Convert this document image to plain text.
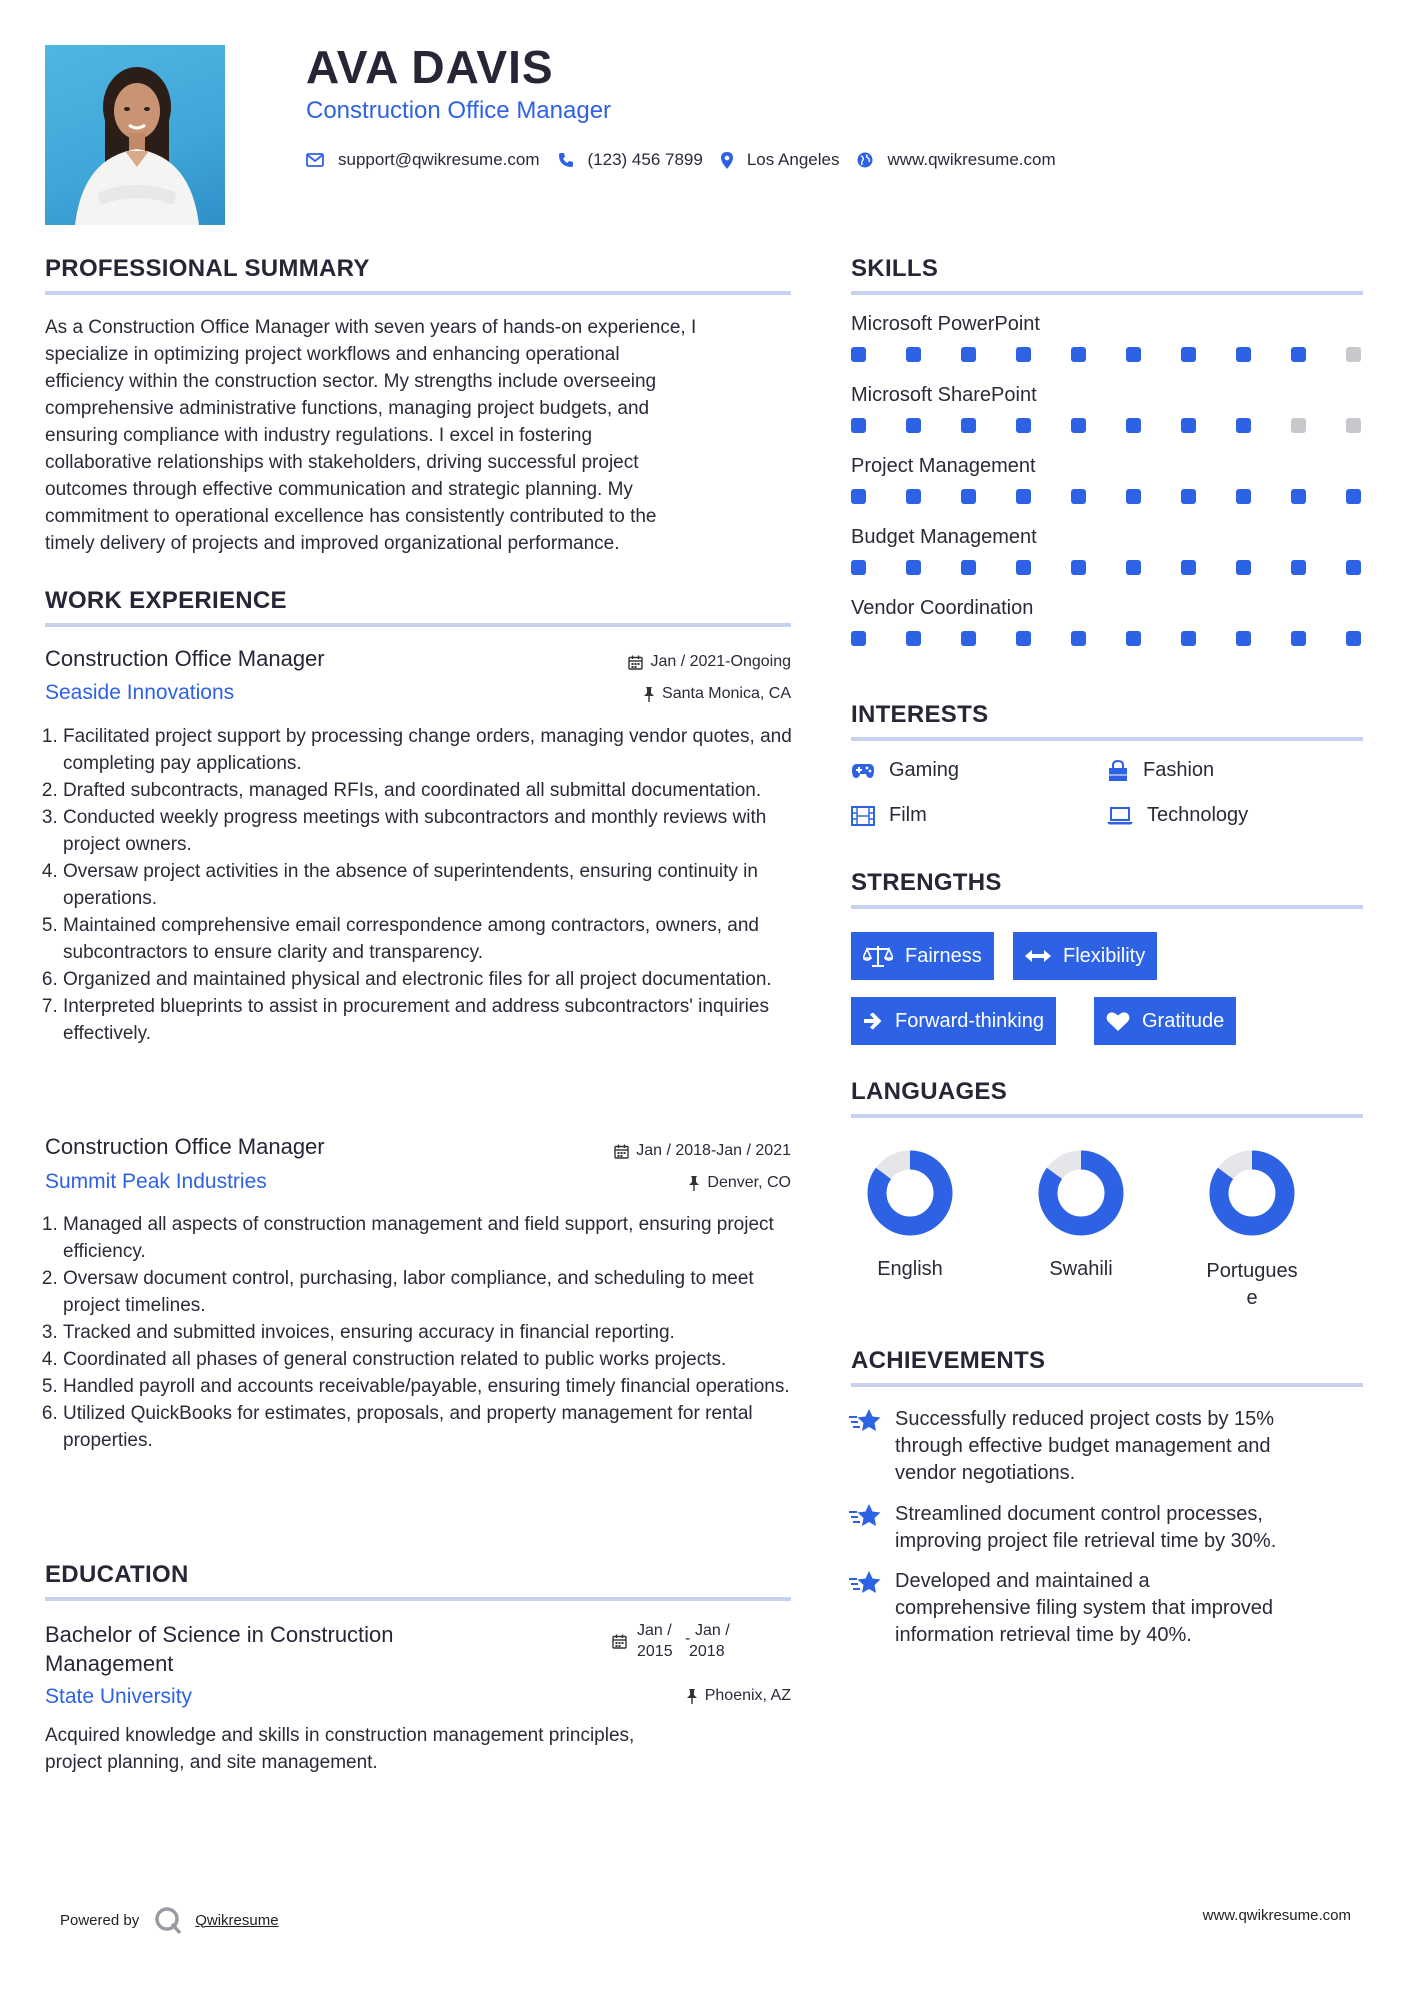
AVA DAVIS
Construction Office Manager
support@qwikresume.com	(123) 456 7899	Los Angeles	www.qwikresume.com
PROFESSIONAL SUMMARY
As a Construction Office Manager with seven years of hands-on experience, I
specialize in optimizing project workflows and enhancing operational
efficiency within the construction sector. My strengths include overseeing
comprehensive administrative functions, managing project budgets, and
ensuring compliance with industry regulations. I excel in fostering
collaborative relationships with stakeholders, driving successful project
outcomes through effective communication and strategic planning. My
commitment to operational excellence has consistently contributed to the
timely delivery of projects and improved organizational performance.
WORK EXPERIENCE
Construction Office Manager	Jan / 2021-Ongoing
Seaside Innovations	Santa Monica, CA
1. Facilitated project support by processing change orders, managing vendor quotes, and completing pay applications.
2. Drafted subcontracts, managed RFIs, and coordinated all submittal documentation.
3. Conducted weekly progress meetings with subcontractors and monthly reviews with project owners.
4. Oversaw project activities in the absence of superintendents, ensuring continuity in operations.
5. Maintained comprehensive email correspondence among contractors, owners, and subcontractors to ensure clarity and transparency.
6. Organized and maintained physical and electronic files for all project documentation.
7. Interpreted blueprints to assist in procurement and address subcontractors' inquiries effectively.
Construction Office Manager	Jan / 2018-Jan / 2021
Summit Peak Industries	Denver, CO
1. Managed all aspects of construction management and field support, ensuring project efficiency.
2. Oversaw document control, purchasing, labor compliance, and scheduling to meet project timelines.
3. Tracked and submitted invoices, ensuring accuracy in financial reporting.
4. Coordinated all phases of general construction related to public works projects.
5. Handled payroll and accounts receivable/payable, ensuring timely financial operations.
6. Utilized QuickBooks for estimates, proposals, and property management for rental properties.
EDUCATION
Bachelor of Science in Construction
Management
Jan /
2015
- Jan /
2018
State University	Phoenix, AZ
Acquired knowledge and skills in construction management principles,
project planning, and site management.
SKILLS
Microsoft PowerPoint
Microsoft SharePoint
Project Management
Budget Management
Vendor Coordination
INTERESTS
Gaming	Fashion
Film	Technology
STRENGTHS
Fairness	Flexibility
Forward-thinking	Gratitude
LANGUAGES
English	Swahili	Portugues
e
ACHIEVEMENTS
Successfully reduced project costs by 15%
through effective budget management and
vendor negotiations.
Streamlined document control processes,
improving project file retrieval time by 30%.
Developed and maintained a
comprehensive filing system that improved
information retrieval time by 40%.
Powered by	Qwikresume	www.qwikresume.com
